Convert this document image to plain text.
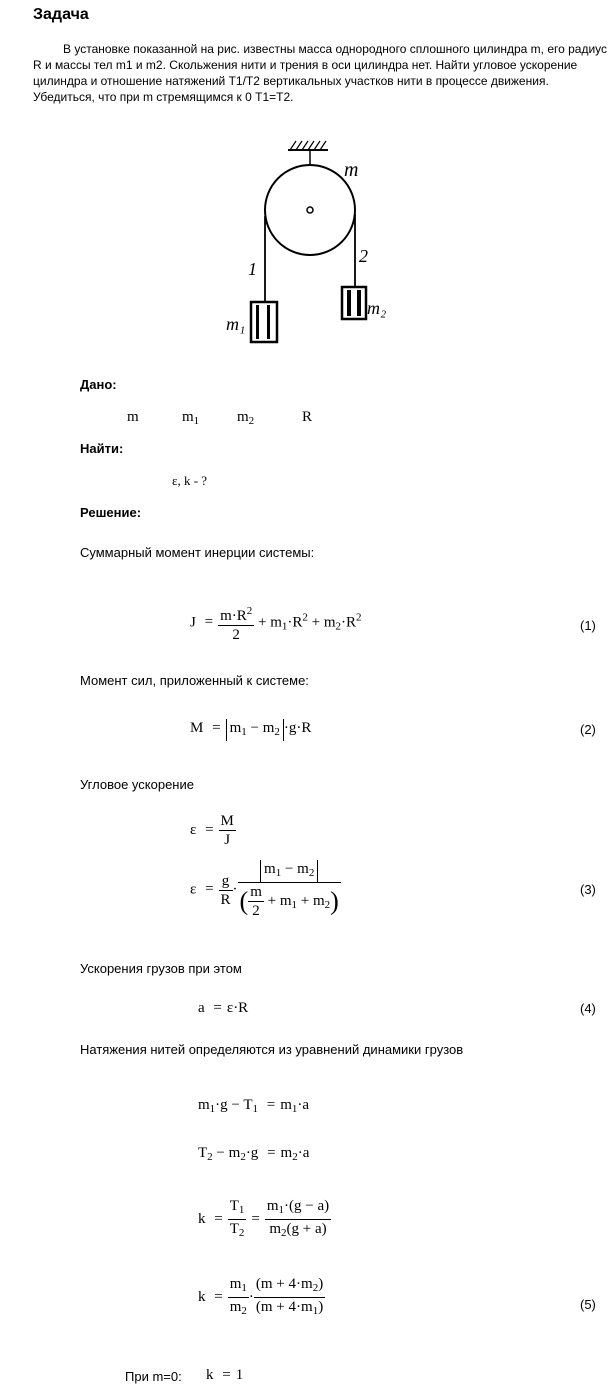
Задача
В установке показанной на рис. известны масса однородного сплошного цилиндра m, его радиус R и массы тел m1 и m2. Скольжения нити и трения в оси цилиндра нет. Найти угловое ускорение цилиндра и отношение натяжений T1/T2 вертикальных участков нити в процессе движения. Убедиться, что при m стремящимся к 0 T1=T2.
m
1
2
m₁
m₂
Дано:
m	$m_1$	$m_2$	R
Найти:
ε, k - ?
Решение:
Суммарный момент инерции системы:
$J = \frac{m\cdot R^2}{2} + m_1\cdot R^2 + m_2\cdot R^2$
(1)
Момент сил, приложенный к системе:
$M = m_1 - m_2 \cdot g\cdot R$	(2)
Угловое ускорение
$\varepsilon = \frac{M}{J}$
$\varepsilon = \frac{g}{R} \cdot \frac{m_1 - m_2}{( \frac{m}{2} + m_1 + m_2)}$	(3)
Ускорения грузов при этом
a = ε·R	(4)
Натяжения нитей определяются из уравнений динамики грузов
$m_1\cdot g - T_1 = m_1\cdot a$
$T_2 - m_2\cdot g = m_2\cdot a$
$k = \frac{T_1}{T_2} = \frac{m_1\cdot(g - a)}{m_2(g + a)}$
$k = \frac{m_1}{m_2} \cdot \frac{(m + 4\cdot m_2)}{(m + 4\cdot m_1)}$	(5)
При m=0: k = 1
